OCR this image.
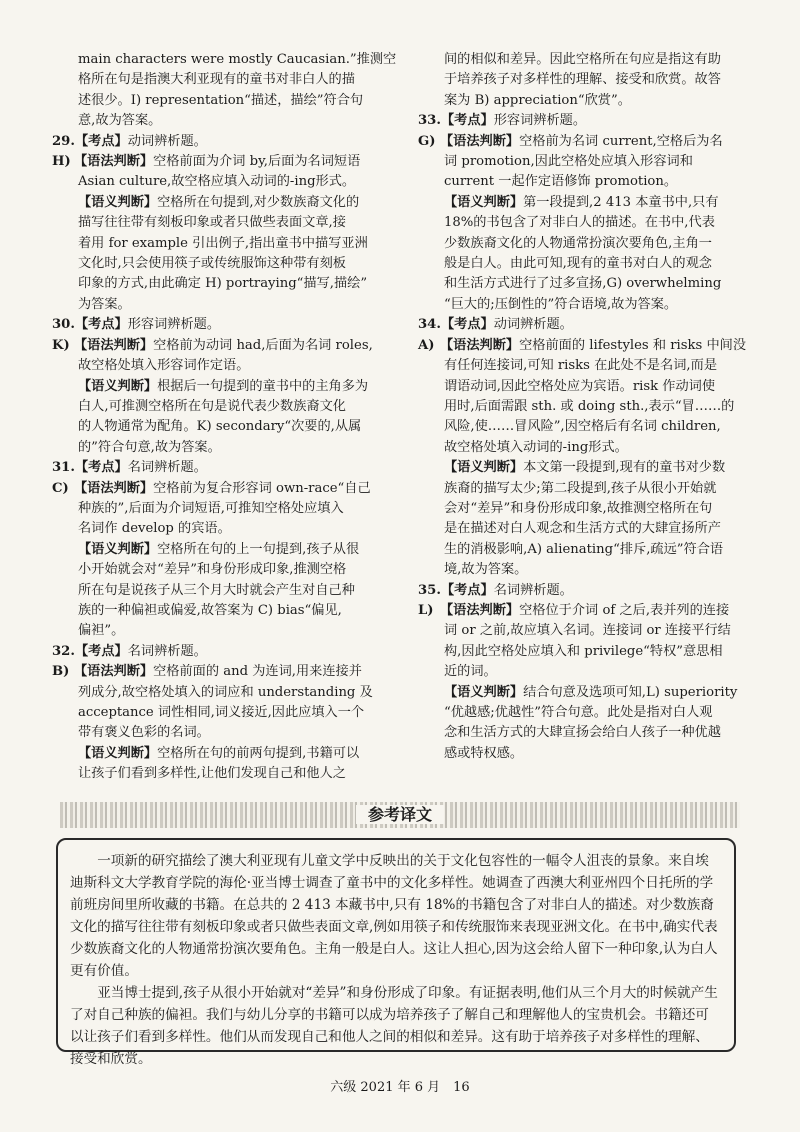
main characters were mostly Caucasian.”推测空
格所在句是指澳大利亚现有的童书对非白人的描
述很少。I) representation“描述，描绘”符合句
意,故为答案。
29. 【考点】动词辨析题。
H) 【语法判断】空格前面为介词 by,后面为名词短语
Asian culture,故空格应填入动词的-ing形式。
【语义判断】空格所在句提到,对少数族裔文化的
描写往往带有刻板印象或者只做些表面文章,接
着用 for example 引出例子,指出童书中描写亚洲
文化时,只会使用筷子或传统服饰这种带有刻板
印象的方式,由此确定 H) portraying“描写,描绘”
为答案。
30. 【考点】形容词辨析题。
K) 【语法判断】空格前为动词 had,后面为名词 roles,
故空格处填入形容词作定语。
【语义判断】根据后一句提到的童书中的主角多为
白人,可推测空格所在句是说代表少数族裔文化
的人物通常为配角。K) secondary“次要的,从属
的”符合句意,故为答案。
31. 【考点】名词辨析题。
C) 【语法判断】空格前为复合形容词 own-race“自己
种族的”,后面为介词短语,可推知空格处应填入
名词作 develop 的宾语。
【语义判断】空格所在句的上一句提到,孩子从很
小开始就会对“差异”和身份形成印象,推测空格
所在句是说孩子从三个月大时就会产生对自己种
族的一种偏袒或偏爱,故答案为 C) bias“偏见,
偏袒”。
32. 【考点】名词辨析题。
B) 【语法判断】空格前面的 and 为连词,用来连接并
列成分,故空格处填入的词应和 understanding 及
acceptance 词性相同,词义接近,因此应填入一个
带有褒义色彩的名词。
【语义判断】空格所在句的前两句提到,书籍可以
让孩子们看到多样性,让他们发现自己和他人之
间的相似和差异。因此空格所在句应是指这有助
于培养孩子对多样性的理解、接受和欣赏。故答
案为 B) appreciation“欣赏”。
33. 【考点】形容词辨析题。
G) 【语法判断】空格前为名词 current,空格后为名
词 promotion,因此空格处应填入形容词和
current 一起作定语修饰 promotion。
【语义判断】第一段提到,2 413 本童书中,只有
18%的书包含了对非白人的描述。在书中,代表
少数族裔文化的人物通常扮演次要角色,主角一
般是白人。由此可知,现有的童书对白人的观念
和生活方式进行了过多宣扬,G) overwhelming
“巨大的;压倒性的”符合语境,故为答案。
34. 【考点】动词辨析题。
A) 【语法判断】空格前面的 lifestyles 和 risks 中间没
有任何连接词,可知 risks 在此处不是名词,而是
谓语动词,因此空格处应为宾语。risk 作动词使
用时,后面需跟 sth. 或 doing sth.,表示“冒……的
风险,使……冒风险”,因空格后有名词 children,
故空格处填入动词的-ing形式。
【语义判断】本文第一段提到,现有的童书对少数
族裔的描写太少;第二段提到,孩子从很小开始就
会对“差异”和身份形成印象,故推测空格所在句
是在描述对白人观念和生活方式的大肆宣扬所产
生的消极影响,A) alienating“排斥,疏远”符合语
境,故为答案。
35. 【考点】名词辨析题。
L) 【语法判断】空格位于介词 of 之后,表并列的连接
词 or 之前,故应填入名词。连接词 or 连接平行结
构,因此空格处应填入和 privilege“特权”意思相
近的词。
【语义判断】结合句意及选项可知,L) superiority
“优越感;优越性”符合句意。此处是指对白人观
念和生活方式的大肆宣扬会给白人孩子一种优越
感或特权感。
参考译文

一项新的研究描绘了澳大利亚现有儿童文学中反映出的关于文化包容性的一幅令人沮丧的景象。来自埃迪斯科文大学教育学院的海伦·亚当博士调查了童书中的文化多样性。她调查了西澳大利亚州四个日托所的学前班房间里所收藏的书籍。在总共的 2 413 本藏书中,只有 18%的书籍包含了对非白人的描述。对少数族裔文化的描写往往带有刻板印象或者只做些表面文章,例如用筷子和传统服饰来表现亚洲文化。在书中,确实代表少数族裔文化的人物通常扮演次要角色。主角一般是白人。这让人担心,因为这会给人留下一种印象,认为白人更有价值。

亚当博士提到,孩子从很小开始就对“差异”和身份形成了印象。有证据表明,他们从三个月大的时候就产生了对自己种族的偏袒。我们与幼儿分享的书籍可以成为培养孩子了解自己和理解他人的宝贵机会。书籍还可以让孩子们看到多样性。他们从而发现自己和他人之间的相似和差异。这有助于培养孩子对多样性的理解、接受和欣赏。

六级 2021 年 6 月　16
